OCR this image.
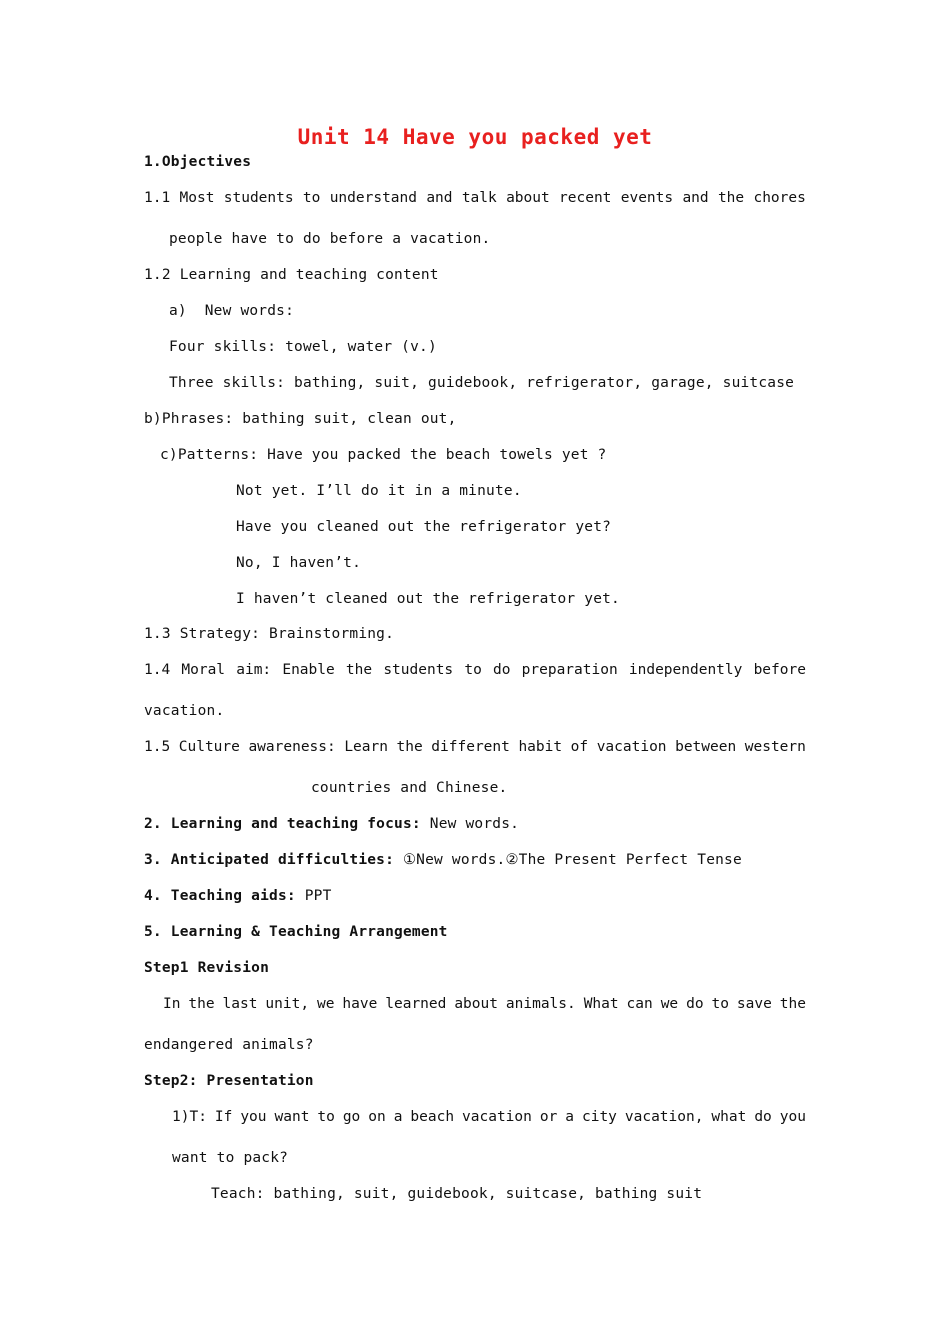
Unit 14 Have you packed yet
1.Objectives
1.1 Most students to understand and talk about recent events and the chores
people have to do before a vacation.
1.2 Learning and teaching content
a)  New words:
Four skills: towel, water (v.)
Three skills: bathing, suit, guidebook, refrigerator, garage, suitcase
b)Phrases: bathing suit, clean out,
c)Patterns: Have you packed the beach towels yet ?
Not yet. I’ll do it in a minute.
Have you cleaned out the refrigerator yet?
No, I haven’t.
I haven’t cleaned out the refrigerator yet.
1.3 Strategy: Brainstorming.
1.4 Moral aim: Enable the students to do preparation independently before
vacation.
1.5 Culture awareness: Learn the different habit of vacation between western
countries and Chinese.
2. Learning and teaching focus: New words.
3. Anticipated difficulties: ①New words.②The Present Perfect Tense
4. Teaching aids: PPT
5. Learning & Teaching Arrangement
Step1 Revision
In the last unit, we have learned about animals. What can we do to save the
endangered animals?
Step2: Presentation
1)T: If you want to go on a beach vacation or a city vacation, what do you
want to pack?
Teach: bathing, suit, guidebook, suitcase, bathing suit
